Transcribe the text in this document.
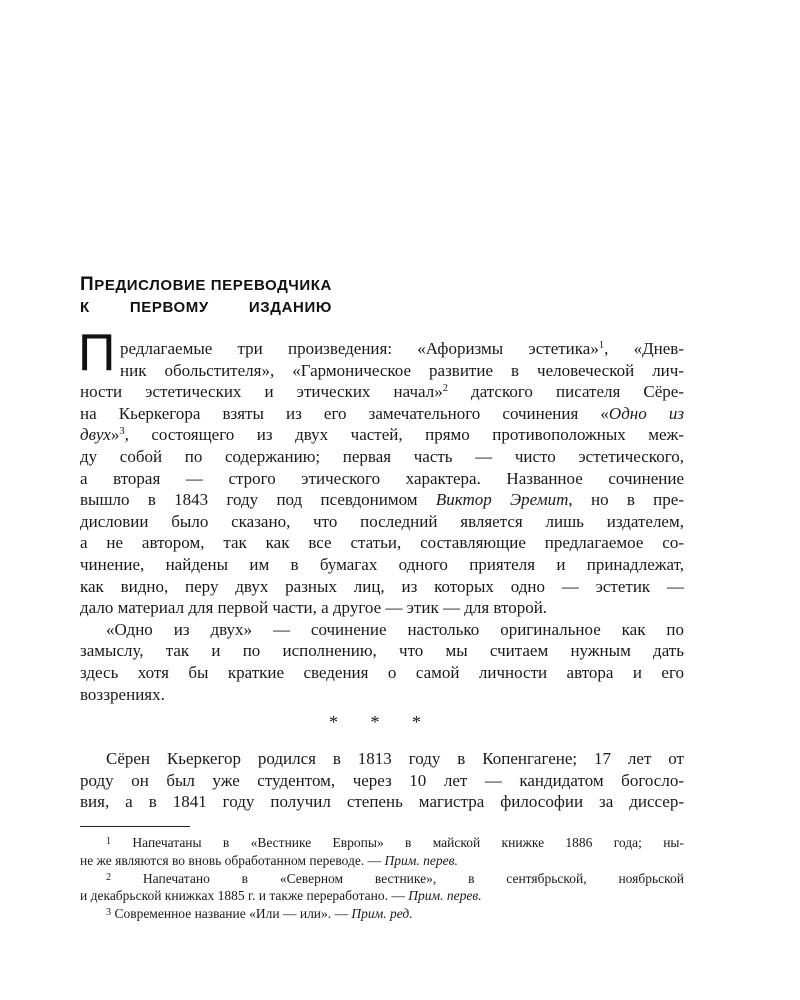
ПРЕДИСЛОВИЕ ПЕРЕВОДЧИКА
К ПЕРВОМУ ИЗДАНИЮ
П редлагаемые три произведения: «Афоризмы эстетика»$^1$, «Днев-
ник обольстителя», «Гармоническое развитие в человеческой лич-
ности эстетических и этических начал»$^2$ датского писателя Сёре-
на Кьеркегора взяты из его замечательного сочинения «Одно из
двух»$^3$, состоящего из двух частей, прямо противоположных меж-
ду собой по содержанию; первая часть — чисто эстетического,
а вторая — строго этического характера. Названное сочинение
вышло в 1843 году под псевдонимом Виктор Эремит, но в пре-
дисловии было сказано, что последний является лишь издателем,
а не автором, так как все статьи, составляющие предлагаемое со-
чинение, найдены им в бумагах одного приятеля и принадлежат,
как видно, перу двух разных лиц, из которых одно — эстетик —
дало материал для первой части, а другое — этик — для второй.
«Одно из двух» — сочинение настолько оригинальное как по
замыслу, так и по исполнению, что мы считаем нужным дать
здесь хотя бы краткие сведения о самой личности автора и его
воззрениях.
* * *
Сёрен Кьеркегор родился в 1813 году в Копенгагене; 17 лет от
роду он был уже студентом, через 10 лет — кандидатом богосло-
вия, а в 1841 году получил степень магистра философии за диссер-
$^1$ Напечатаны в «Вестнике Европы» в майской книжке 1886 года; ны-
не же являются во вновь обработанном переводе. — Прим. перев.
$^2$ Напечатано в «Северном вестнике», в сентябрьской, ноябрьской
и декабрьской книжках 1885 г. и также переработано. — Прим. перев.
$^3$ Современное название «Или — или». — Прим. ред.
